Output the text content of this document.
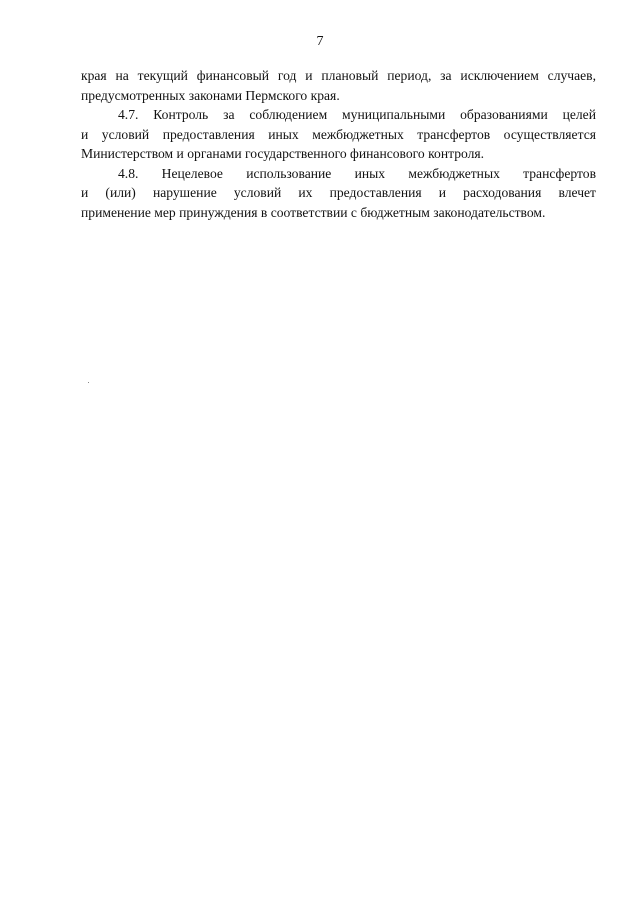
7
края на текущий финансовый год и плановый период, за исключением случаев,
предусмотренных законами Пермского края.
4.7. Контроль за соблюдением муниципальными образованиями целей
и условий предоставления иных межбюджетных трансфертов осуществляется
Министерством и органами государственного финансового контроля.
4.8. Нецелевое использование иных межбюджетных трансфертов
и (или) нарушение условий их предоставления и расходования влечет
применение мер принуждения в соответствии с бюджетным законодательством.
